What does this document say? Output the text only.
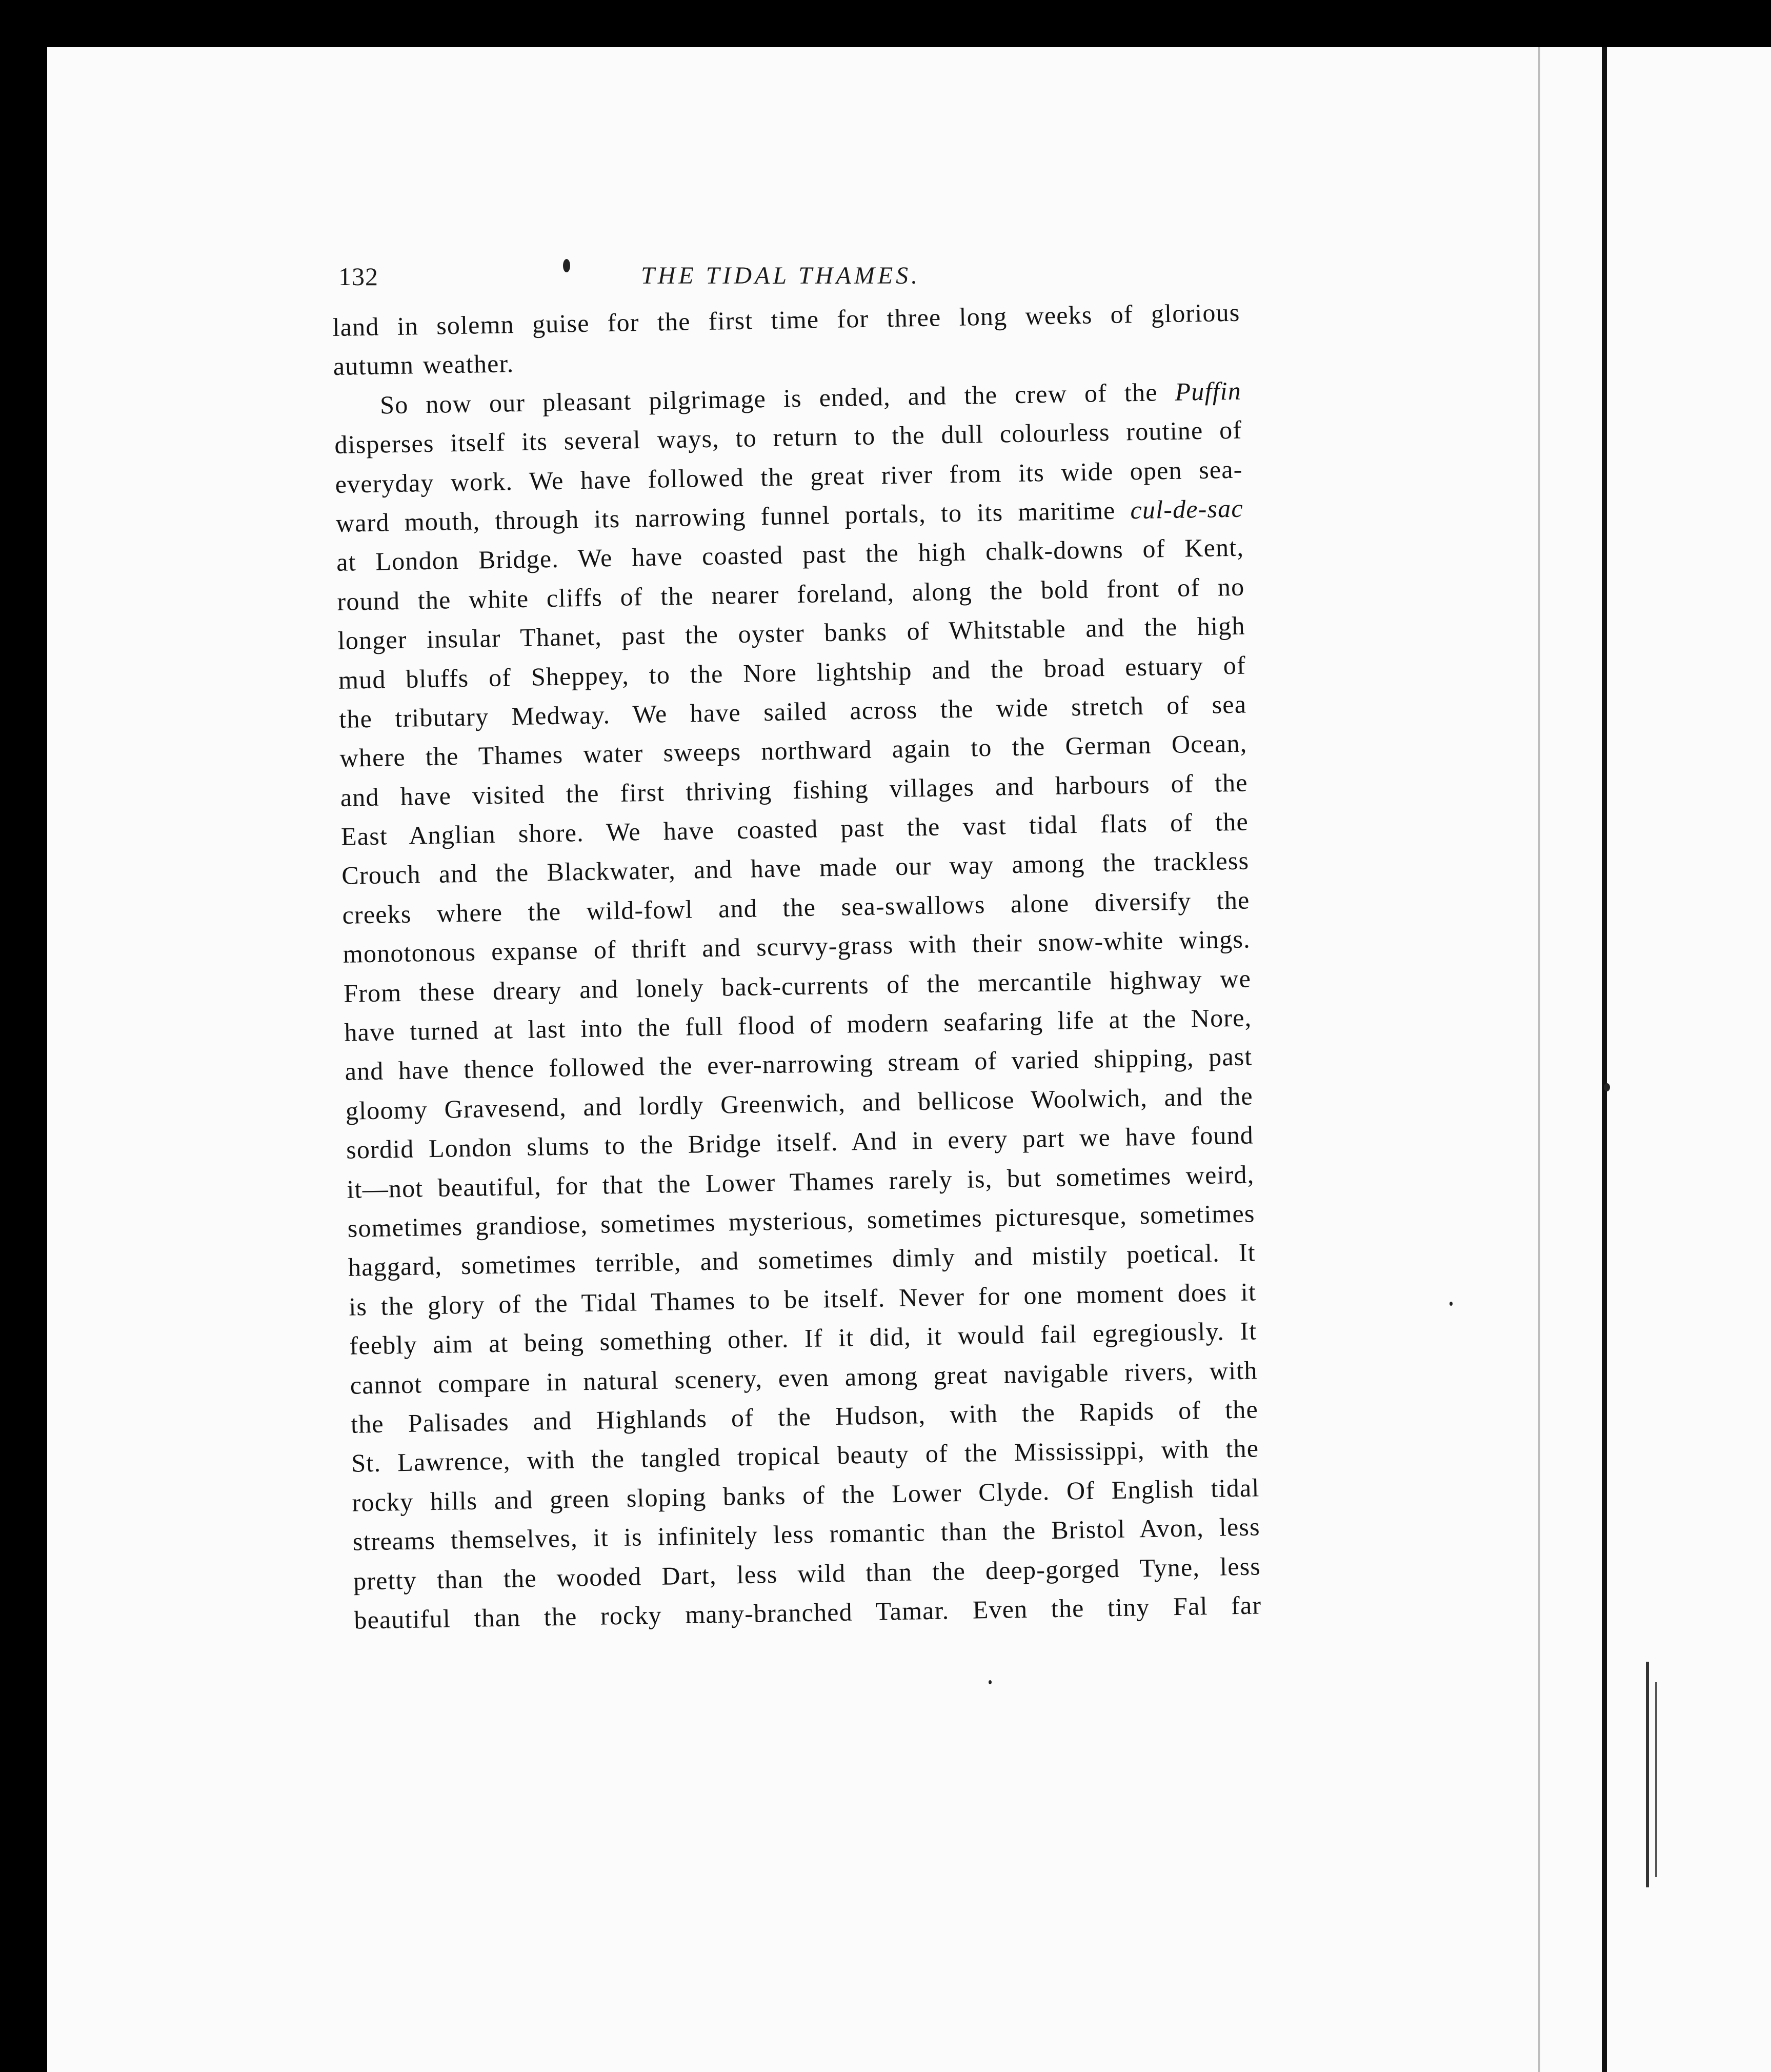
132	THE TIDAL THAMES.
land in solemn guise for the first time for three long weeks of glorious
autumn weather.
So now our pleasant pilgrimage is ended, and the crew of the Puffin
disperses itself its several ways, to return to the dull colourless routine of
everyday work. We have followed the great river from its wide open sea-
ward mouth, through its narrowing funnel portals, to its maritime cul-de-sac
at London Bridge. We have coasted past the high chalk-downs of Kent,
round the white cliffs of the nearer foreland, along the bold front of no
longer insular Thanet, past the oyster banks of Whitstable and the high
mud bluffs of Sheppey, to the Nore lightship and the broad estuary of
the tributary Medway. We have sailed across the wide stretch of sea
where the Thames water sweeps northward again to the German Ocean,
and have visited the first thriving fishing villages and harbours of the
East Anglian shore. We have coasted past the vast tidal flats of the
Crouch and the Blackwater, and have made our way among the trackless
creeks where the wild-fowl and the sea-swallows alone diversify the
monotonous expanse of thrift and scurvy-grass with their snow-white wings.
From these dreary and lonely back-currents of the mercantile highway we
have turned at last into the full flood of modern seafaring life at the Nore,
and have thence followed the ever-narrowing stream of varied shipping, past
gloomy Gravesend, and lordly Greenwich, and bellicose Woolwich, and the
sordid London slums to the Bridge itself. And in every part we have found
it—not beautiful, for that the Lower Thames rarely is, but sometimes weird,
sometimes grandiose, sometimes mysterious, sometimes picturesque, sometimes
haggard, sometimes terrible, and sometimes dimly and mistily poetical. It
is the glory of the Tidal Thames to be itself. Never for one moment does it
feebly aim at being something other. If it did, it would fail egregiously. It
cannot compare in natural scenery, even among great navigable rivers, with
the Palisades and Highlands of the Hudson, with the Rapids of the
St. Lawrence, with the tangled tropical beauty of the Mississippi, with the
rocky hills and green sloping banks of the Lower Clyde. Of English tidal
streams themselves, it is infinitely less romantic than the Bristol Avon, less
pretty than the wooded Dart, less wild than the deep-gorged Tyne, less
beautiful than the rocky many-branched Tamar. Even the tiny Fal far
